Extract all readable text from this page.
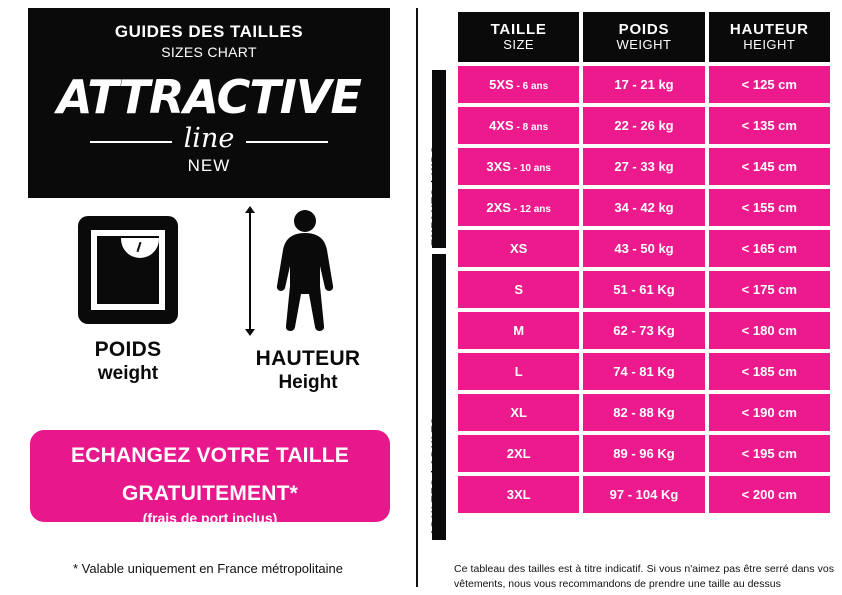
GUIDES DES TAILLES
SIZES CHART
ATTRACTIVE
line
NEW
POIDS
weight
HAUTEUR
Height
ECHANGEZ VOTRE TAILLE
GRATUITEMENT*
(frais de port inclus)
* Valable uniquement en France métropolitaine
ENFANTS / KIDS
ADULTES / ADULTS
TAILLE
SIZE

POIDS
WEIGHT

HAUTEUR
HEIGHT

5XS - 6 ans	17 - 21 kg	< 125 cm
4XS - 8 ans	22 - 26 kg	< 135 cm
3XS - 10 ans	27 - 33 kg	< 145 cm
2XS - 12 ans	34 - 42 kg	< 155 cm
XS	43 - 50 kg	< 165 cm
S	51 - 61 Kg	< 175 cm
M	62 - 73 Kg	< 180 cm
L	74 - 81 Kg	< 185 cm
XL	82 - 88 Kg	< 190 cm
2XL	89 - 96 Kg	< 195 cm
3XL	97 - 104 Kg	< 200 cm
Ce tableau des tailles est à titre indicatif. Si vous n'aimez pas être serré dans vos vêtements, nous vous recommandons de prendre une taille au dessus
